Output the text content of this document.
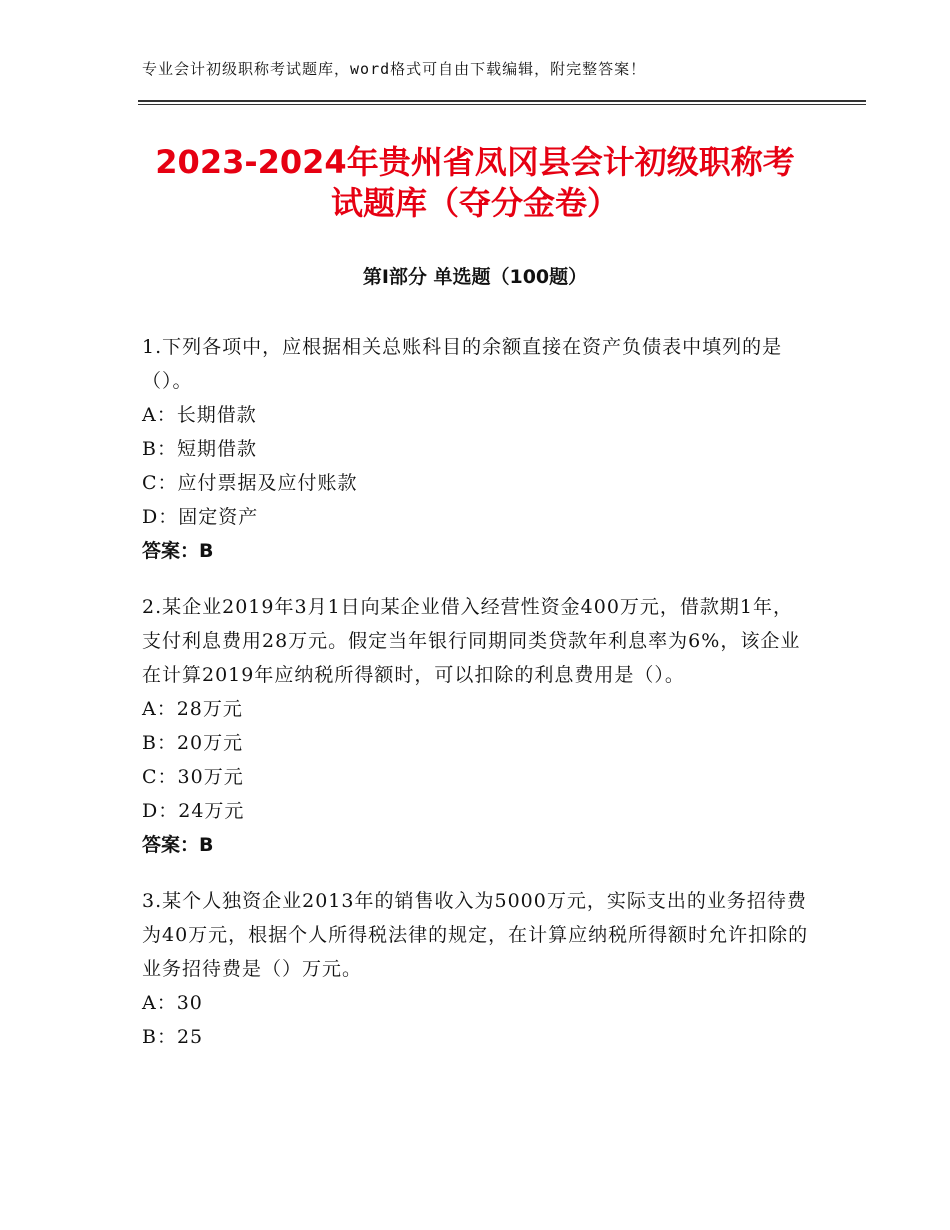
专业会计初级职称考试题库，word格式可自由下载编辑，附完整答案！
2023-2024年贵州省凤冈县会计初级职称考
试题库（夺分金卷）
第Ⅰ部分 单选题（100题）
1.下列各项中，应根据相关总账科目的余额直接在资产负债表中填列的是（）。
A：长期借款
B：短期借款
C：应付票据及应付账款
D：固定资产
答案：B
2.某企业2019年3月1日向某企业借入经营性资金400万元，借款期1年，支付利息费用28万元。假定当年银行同期同类贷款年利息率为6%，该企业在计算2019年应纳税所得额时，可以扣除的利息费用是（）。
A：28万元
B：20万元
C：30万元
D：24万元
答案：B
3.某个人独资企业2013年的销售收入为5000万元，实际支出的业务招待费为40万元，根据个人所得税法律的规定，在计算应纳税所得额时允许扣除的业务招待费是（）万元。
A：30
B：25
